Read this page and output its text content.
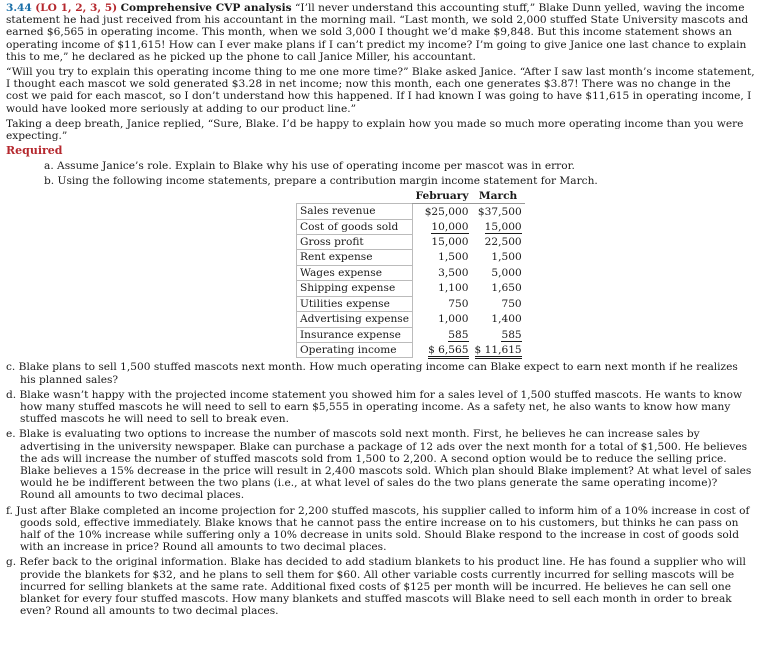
3.44 (LO 1, 2, 3, 5) Comprehensive CVP analysis “I’ll never understand this accounting stuff,” Blake Dunn yelled, waving the income statement he had just received from his accountant in the morning mail. “Last month, we sold 2,000 stuffed State University mascots and earned $6,565 in operating income. This month, when we sold 3,000 I thought we’d make $9,848. But this income statement shows an operating income of $11,615! How can I ever make plans if I can’t predict my income? I’m going to give Janice one last chance to explain this to me,” he declared as he picked up the phone to call Janice Miller, his accountant.

“Will you try to explain this operating income thing to me one more time?” Blake asked Janice. “After I saw last month’s income statement, I thought each mascot we sold generated $3.28 in net income; now this month, each one generates $3.87! There was no change in the cost we paid for each mascot, so I don’t understand how this happened. If I had known I was going to have $11,615 in operating income, I would have looked more seriously at adding to our product line.”

Taking a deep breath, Janice replied, “Sure, Blake. I’d be happy to explain how you made so much more operating income than you were expecting.”

Required

a. Assume Janice’s role. Explain to Blake why his use of operating income per mascot was in error.

b. Using the following income statements, prepare a contribution margin income statement for March.

	February	March
Sales revenue	$25,000	$37,500
Cost of goods sold	10,000	15,000
Gross profit	15,000	22,500
Rent expense	1,500	1,500
Wages expense	3,500	5,000
Shipping expense	1,100	1,650
Utilities expense	750	750
Advertising expense	1,000	1,400
Insurance expense	585	585
Operating income	$ 6,565	$ 11,615

c. Blake plans to sell 1,500 stuffed mascots next month. How much operating income can Blake expect to earn next month if he realizes his planned sales?

d. Blake wasn’t happy with the projected income statement you showed him for a sales level of 1,500 stuffed mascots. He wants to know how many stuffed mascots he will need to sell to earn $5,555 in operating income. As a safety net, he also wants to know how many stuffed mascots he will need to sell to break even.

e. Blake is evaluating two options to increase the number of mascots sold next month. First, he believes he can increase sales by advertising in the university newspaper. Blake can purchase a package of 12 ads over the next month for a total of $1,500. He believes the ads will increase the number of stuffed mascots sold from 1,500 to 2,200. A second option would be to reduce the selling price. Blake believes a 15% decrease in the price will result in 2,400 mascots sold. Which plan should Blake implement? At what level of sales would he be indifferent between the two plans (i.e., at what level of sales do the two plans generate the same operating income)? Round all amounts to two decimal places.

f. Just after Blake completed an income projection for 2,200 stuffed mascots, his supplier called to inform him of a 10% increase in cost of goods sold, effective immediately. Blake knows that he cannot pass the entire increase on to his customers, but thinks he can pass on half of the 10% increase while suffering only a 10% decrease in units sold. Should Blake respond to the increase in cost of goods sold with an increase in price? Round all amounts to two decimal places.

g. Refer back to the original information. Blake has decided to add stadium blankets to his product line. He has found a supplier who will provide the blankets for $32, and he plans to sell them for $60. All other variable costs currently incurred for selling mascots will be incurred for selling blankets at the same rate. Additional fixed costs of $125 per month will be incurred. He believes he can sell one blanket for every four stuffed mascots. How many blankets and stuffed mascots will Blake need to sell each month in order to break even? Round all amounts to two decimal places.
